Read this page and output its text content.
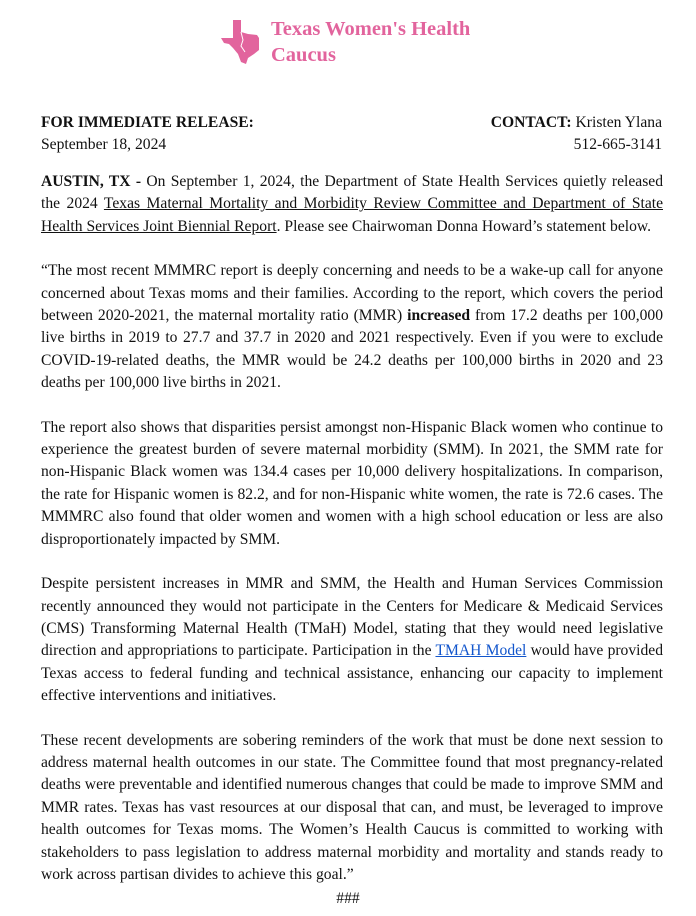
Texas Women's Health
Caucus
FOR IMMEDIATE RELEASE:
September 18, 2024
CONTACT: Kristen Ylana
512-665-3141

AUSTIN, TX - On September 1, 2024, the Department of State Health Services quietly released the 2024 Texas Maternal Mortality and Morbidity Review Committee and Department of State Health Services Joint Biennial Report. Please see Chairwoman Donna Howard’s statement below.

“The most recent MMMRC report is deeply concerning and needs to be a wake-up call for anyone concerned about Texas moms and their families. According to the report, which covers the period between 2020-2021, the maternal mortality ratio (MMR) increased from 17.2 deaths per 100,000 live births in 2019 to 27.7 and 37.7 in 2020 and 2021 respectively. Even if you were to exclude COVID-19-related deaths, the MMR would be 24.2 deaths per 100,000 births in 2020 and 23 deaths per 100,000 live births in 2021.

The report also shows that disparities persist amongst non-Hispanic Black women who continue to experience the greatest burden of severe maternal morbidity (SMM). In 2021, the SMM rate for non-Hispanic Black women was 134.4 cases per 10,000 delivery hospitalizations. In comparison, the rate for Hispanic women is 82.2, and for non-Hispanic white women, the rate is 72.6 cases. The MMMRC also found that older women and women with a high school education or less are also disproportionately impacted by SMM.

Despite persistent increases in MMR and SMM, the Health and Human Services Commission recently announced they would not participate in the Centers for Medicare & Medicaid Services (CMS) Transforming Maternal Health (TMaH) Model, stating that they would need legislative direction and appropriations to participate. Participation in the TMAH Model would have provided Texas access to federal funding and technical assistance, enhancing our capacity to implement effective interventions and initiatives.

These recent developments are sobering reminders of the work that must be done next session to address maternal health outcomes in our state. The Committee found that most pregnancy-related deaths were preventable and identified numerous changes that could be made to improve SMM and MMR rates. Texas has vast resources at our disposal that can, and must, be leveraged to improve health outcomes for Texas moms. The Women’s Health Caucus is committed to working with stakeholders to pass legislation to address maternal morbidity and mortality and stands ready to work across partisan divides to achieve this goal.”

###
